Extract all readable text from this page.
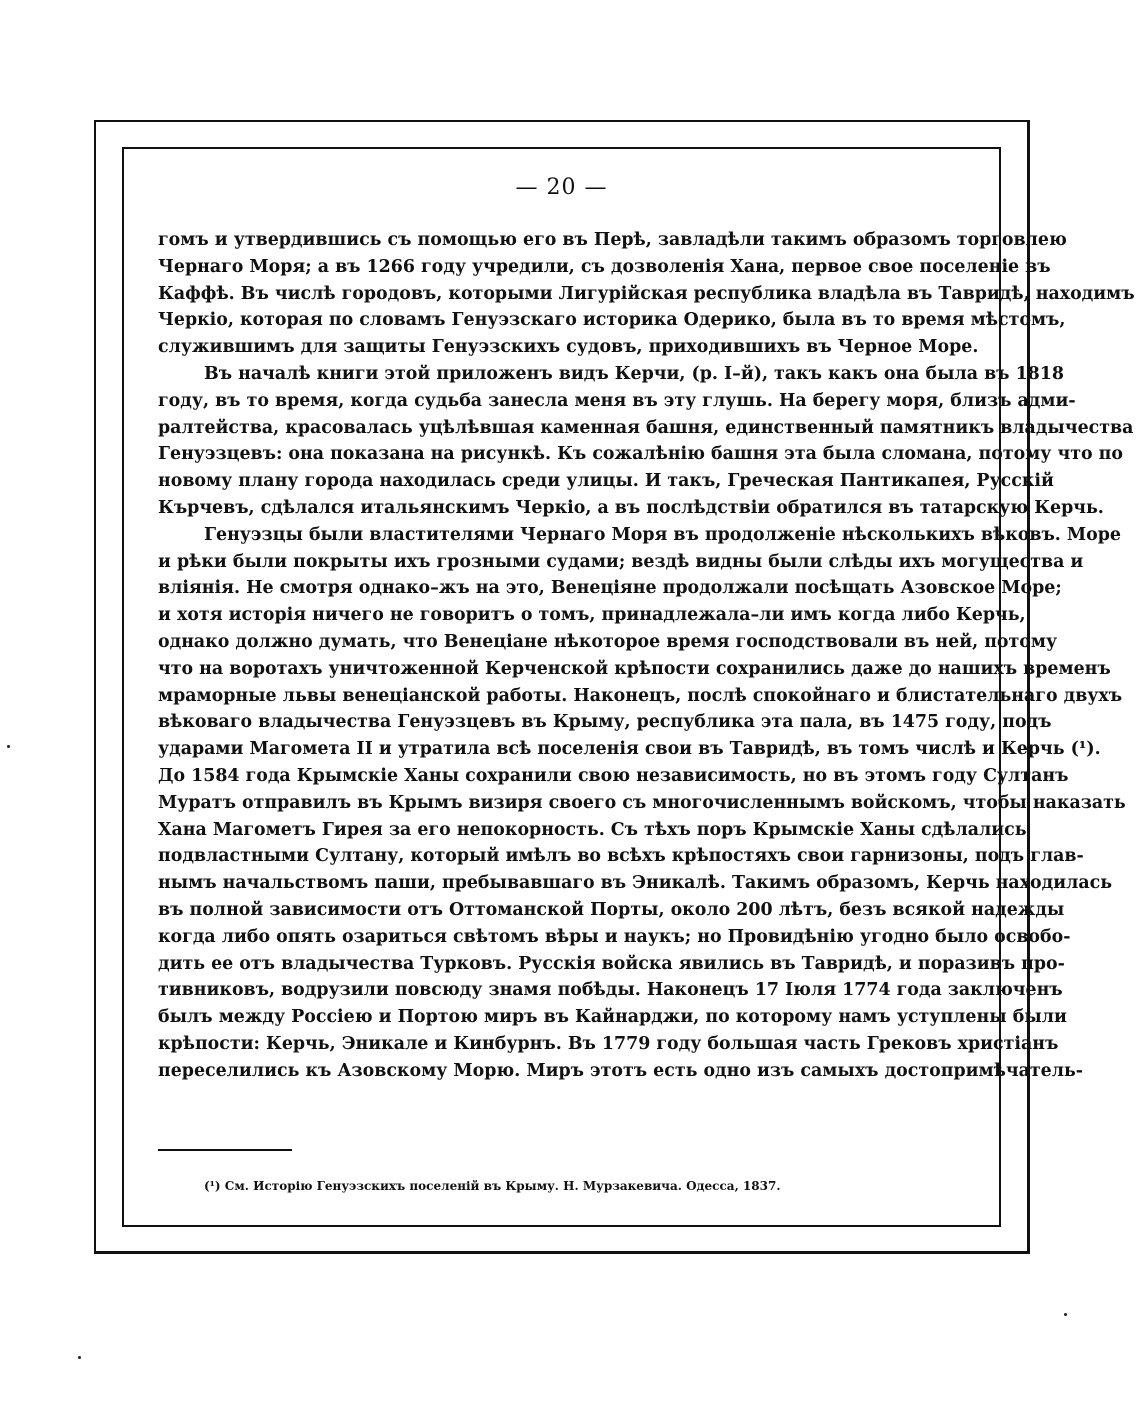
— 20 —

гомъ и утвердившись съ помощью его въ Перѣ, завладѣли такимъ образомъ торговлею
Чернаго Моря; а въ 1266 году учредили, съ дозволенія Хана, первое свое поселеніе въ
Каффѣ. Въ числѣ городовъ, которыми Лигурійская республика владѣла въ Тавридѣ, находимъ
Черкіо, которая по словамъ Генуэзскаго историка Одерико, была въ то время мѣстомъ,
служившимъ для защиты Генуэзскихъ судовъ, приходившихъ въ Черное Море.

Въ началѣ книги этой приложенъ видъ Керчи, (р. I–й), такъ какъ она была въ 1818
году, въ то время, когда судьба занесла меня въ эту глушь. На берегу моря, близъ адми-
ралтейства, красовалась уцѣлѣвшая каменная башня, единственный памятникъ владычества
Генуэзцевъ: она показана на рисункѣ. Къ сожалѣнію башня эта была сломана, потому что по
новому плану города находилась среди улицы. И такъ, Греческая Пантикапея, Русскій
Кърчевъ, сдѣлался итальянскимъ Черкіо, а въ послѣдствіи обратился въ татарскую Керчь.

Генуэзцы были властителями Чернаго Моря въ продолженіе нѣсколькихъ вѣковъ. Море
и рѣки были покрыты ихъ грозными судами; вездѣ видны были слѣды ихъ могущества и
вліянія. Не смотря однако–жъ на это, Венеціяне продолжали посѣщать Азовское Море;
и хотя исторія ничего не говоритъ о томъ, принадлежала–ли имъ когда либо Керчь,
однако должно думать, что Венеціане нѣкоторое время господствовали въ ней, потому
что на воротахъ уничтоженной Керченской крѣпости сохранились даже до нашихъ временъ
мраморные львы венеціанской работы. Наконецъ, послѣ спокойнаго и блистательнаго двухъ
вѣковаго владычества Генуэзцевъ въ Крыму, республика эта пала, въ 1475 году, подъ
ударами Магомета II и утратила всѣ поселенія свои въ Тавридѣ, въ томъ числѣ и Керчь (¹).
До 1584 года Крымскіе Ханы сохранили свою независимость, но въ этомъ году Султанъ
Муратъ отправилъ въ Крымъ визиря своего съ многочисленнымъ войскомъ, чтобы наказать
Хана Магометъ Гирея за его непокорность. Съ тѣхъ поръ Крымскіе Ханы сдѣлались
подвластными Султану, который имѣлъ во всѣхъ крѣпостяхъ свои гарнизоны, подъ глав-
нымъ начальствомъ паши, пребывавшаго въ Эникалѣ. Такимъ образомъ, Керчь находилась
въ полной зависимости отъ Оттоманской Порты, около 200 лѣтъ, безъ всякой надежды
когда либо опять озариться свѣтомъ вѣры и наукъ; но Провидѣнію угодно было освобо-
дить ее отъ владычества Турковъ. Русскія войска явились въ Тавридѣ, и поразивъ про-
тивниковъ, водрузили повсюду знамя побѣды. Наконецъ 17 Іюля 1774 года заключенъ
былъ между Россіею и Портою миръ въ Кайнарджи, по которому намъ уступлены были
крѣпости: Керчь, Эникале и Кинбурнъ. Въ 1779 году большая часть Грековъ христіанъ
переселились къ Азовскому Морю. Миръ этотъ есть одно изъ самыхъ достопримѣчатель-

(¹) См. Исторію Генуэзскихъ поселеній въ Крыму. Н. Мурзакевича. Одесса, 1837.
